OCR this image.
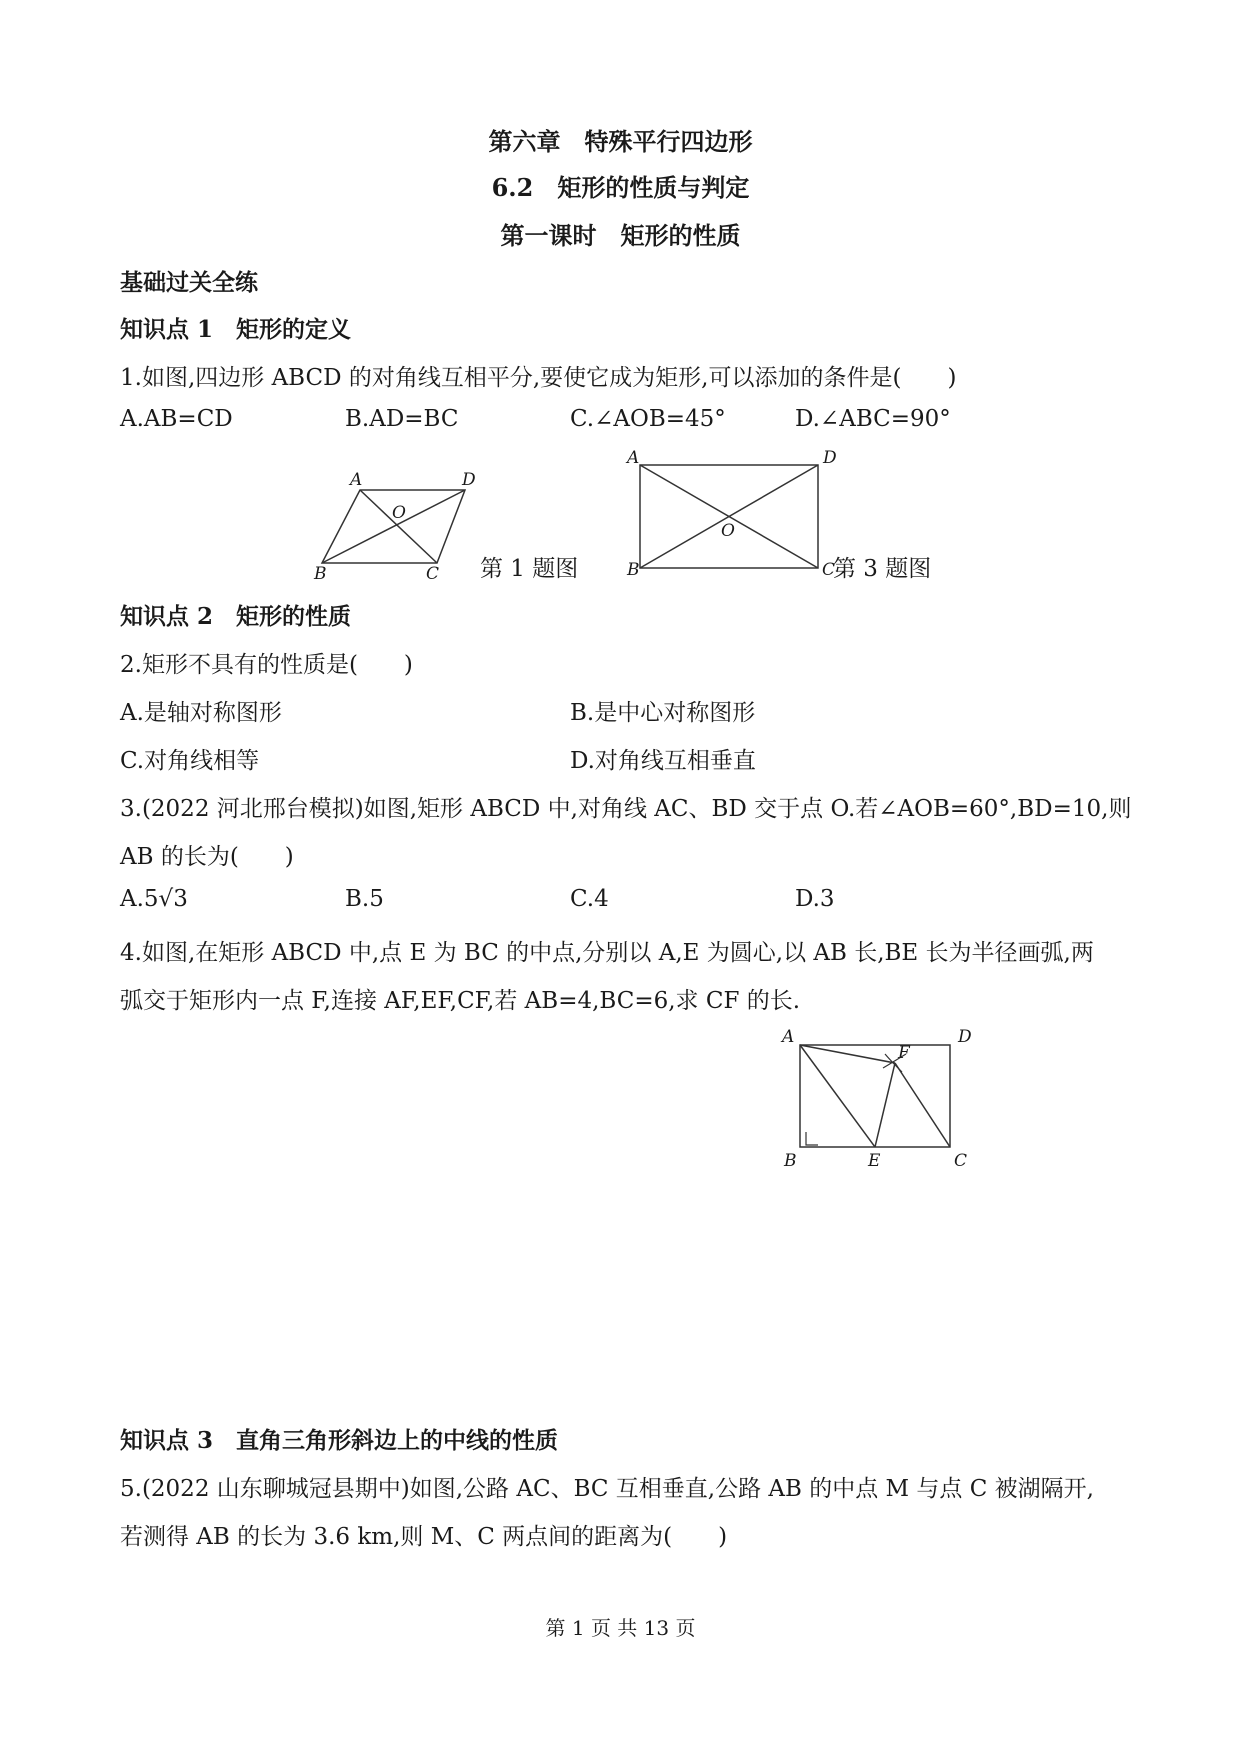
第六章　特殊平行四边形
6.2　矩形的性质与判定
第一课时　矩形的性质
基础过关全练
知识点 1　矩形的定义
1.如图,四边形 ABCD 的对角线互相平分,要使它成为矩形,可以添加的条件是(　　)
A.AB=CD	B.AD=BC	C.∠AOB=45°	D.∠ABC=90°
A	D
O
B	C 第 1 题图
A	D
O
B	C
第 3 题图
知识点 2　矩形的性质
2.矩形不具有的性质是(　　)
A.是轴对称图形	B.是中心对称图形
C.对角线相等	D.对角线互相垂直
3.(2022 河北邢台模拟)如图,矩形 ABCD 中,对角线 AC、BD 交于点 O.若∠AOB=60°,BD=10,则
AB 的长为(　　)
A.5√3	B.5	C.4	D.3
4.如图,在矩形 ABCD 中,点 E 为 BC 的中点,分别以 A,E 为圆心,以 AB 长,BE 长为半径画弧,两
弧交于矩形内一点 F,连接 AF,EF,CF,若 AB=4,BC=6,求 CF 的长.
A	D
F
B	E	C
知识点 3　直角三角形斜边上的中线的性质
5.(2022 山东聊城冠县期中)如图,公路 AC、BC 互相垂直,公路 AB 的中点 M 与点 C 被湖隔开,
若测得 AB 的长为 3.6 km,则 M、C 两点间的距离为(　　)
第 1 页 共 13 页
